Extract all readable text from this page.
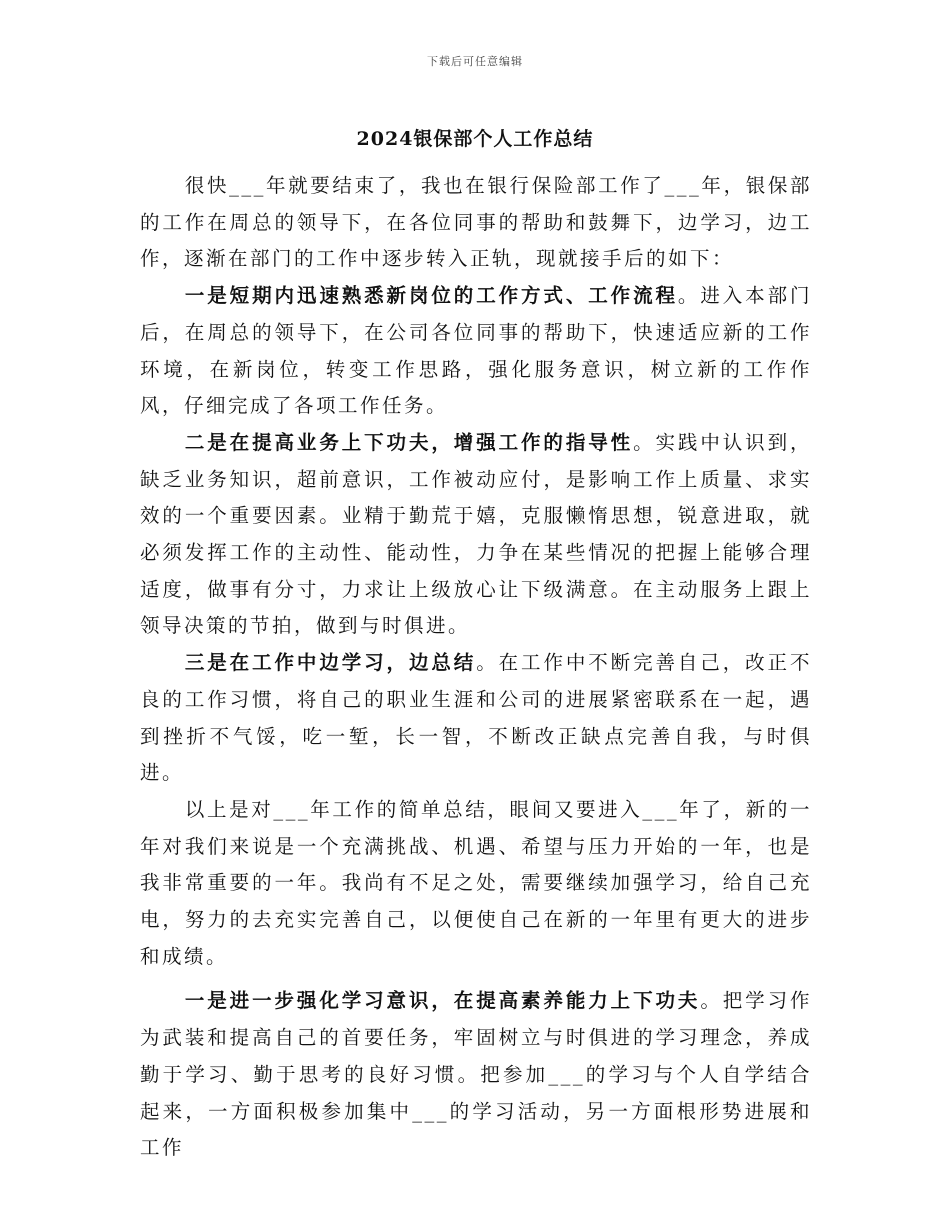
下载后可任意编辑
2024银保部个人工作总结

很快___年就要结束了，我也在银行保险部工作了___年，银保部的工作在周总的领导下，在各位同事的帮助和鼓舞下，边学习，边工作，逐渐在部门的工作中逐步转入正轨，现就接手后的如下：

一是短期内迅速熟悉新岗位的工作方式、工作流程。进入本部门后，在周总的领导下，在公司各位同事的帮助下，快速适应新的工作环境，在新岗位，转变工作思路，强化服务意识，树立新的工作作风，仔细完成了各项工作任务。

二是在提高业务上下功夫，增强工作的指导性。实践中认识到，缺乏业务知识，超前意识，工作被动应付，是影响工作上质量、求实效的一个重要因素。业精于勤荒于嬉，克服懒惰思想，锐意进取，就必须发挥工作的主动性、能动性，力争在某些情况的把握上能够合理适度，做事有分寸，力求让上级放心让下级满意。在主动服务上跟上领导决策的节拍，做到与时俱进。

三是在工作中边学习，边总结。在工作中不断完善自己，改正不良的工作习惯，将自己的职业生涯和公司的进展紧密联系在一起，遇到挫折不气馁，吃一堑，长一智，不断改正缺点完善自我，与时俱进。

以上是对___年工作的简单总结，眼间又要进入___年了，新的一年对我们来说是一个充满挑战、机遇、希望与压力开始的一年，也是我非常重要的一年。我尚有不足之处，需要继续加强学习，给自己充电，努力的去充实完善自己，以便使自己在新的一年里有更大的进步和成绩。

一是进一步强化学习意识，在提高素养能力上下功夫。把学习作为武装和提高自己的首要任务，牢固树立与时俱进的学习理念，养成勤于学习、勤于思考的良好习惯。把参加___的学习与个人自学结合起来，一方面积极参加集中___的学习活动，另一方面根形势进展和工作
